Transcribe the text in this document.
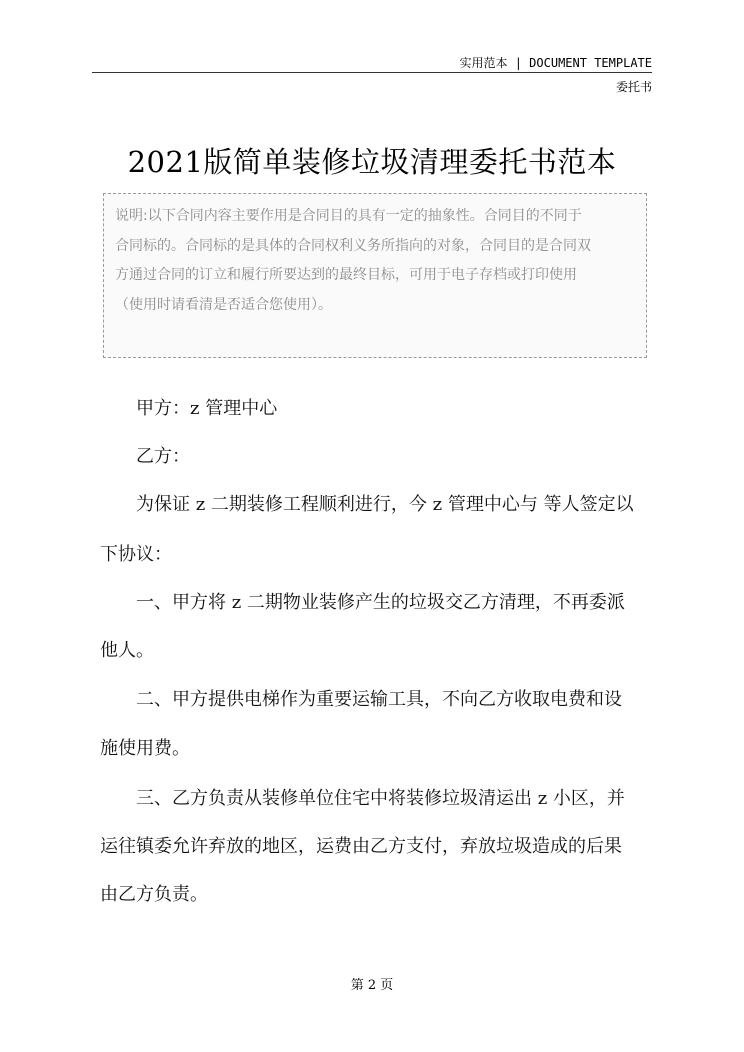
实用范本 | DOCUMENT TEMPLATE
委托书
2021版简单装修垃圾清理委托书范本
说明:以下合同内容主要作用是合同目的具有一定的抽象性。合同目的不同于
合同标的。合同标的是具体的合同权利义务所指向的对象，合同目的是合同双
方通过合同的订立和履行所要达到的最终目标，可用于电子存档或打印使用
（使用时请看清是否适合您使用）。
甲方：z 管理中心
乙方：
为保证 z 二期装修工程顺利进行，今 z 管理中心与 等人签定以
下协议：
一、甲方将 z 二期物业装修产生的垃圾交乙方清理，不再委派
他人。
二、甲方提供电梯作为重要运输工具，不向乙方收取电费和设
施使用费。
三、乙方负责从装修单位住宅中将装修垃圾清运出 z 小区，并
运往镇委允许弃放的地区，运费由乙方支付，弃放垃圾造成的后果
由乙方负责。
第 2 页
